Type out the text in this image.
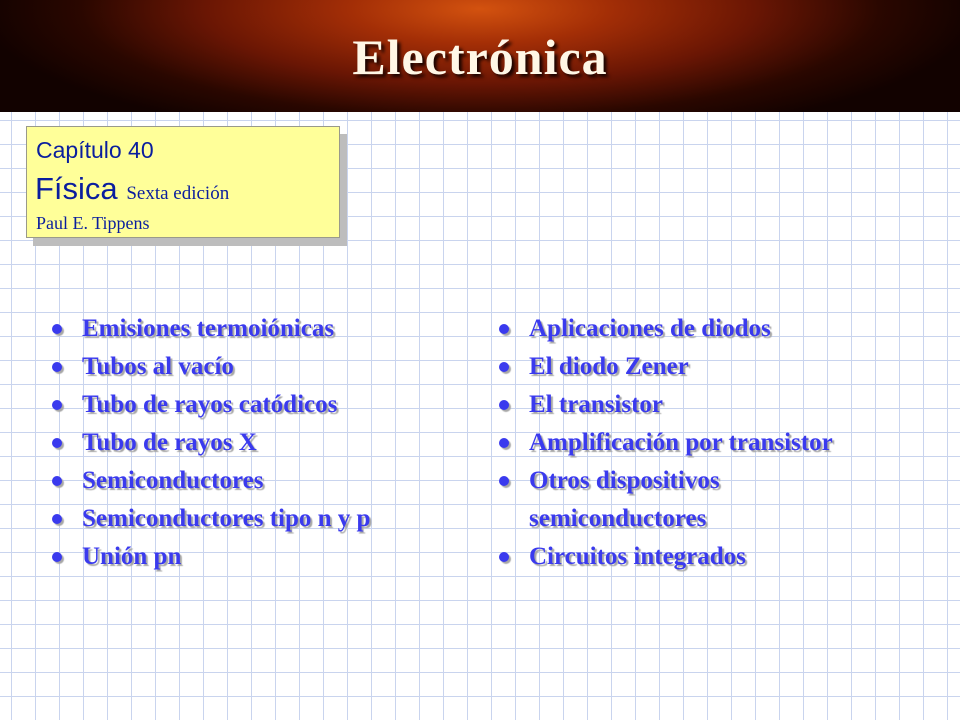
Electrónica
Capítulo 40
Física Sexta edición
Paul E. Tippens
Emisiones termoiónicas
Tubos al vacío
Tubo de rayos catódicos
Tubo de rayos X
Semiconductores
Semiconductores tipo n y p
Unión pn
Aplicaciones de diodos
El diodo Zener
El transistor
Amplificación por transistor
Otros dispositivos
semiconductores
Circuitos integrados
